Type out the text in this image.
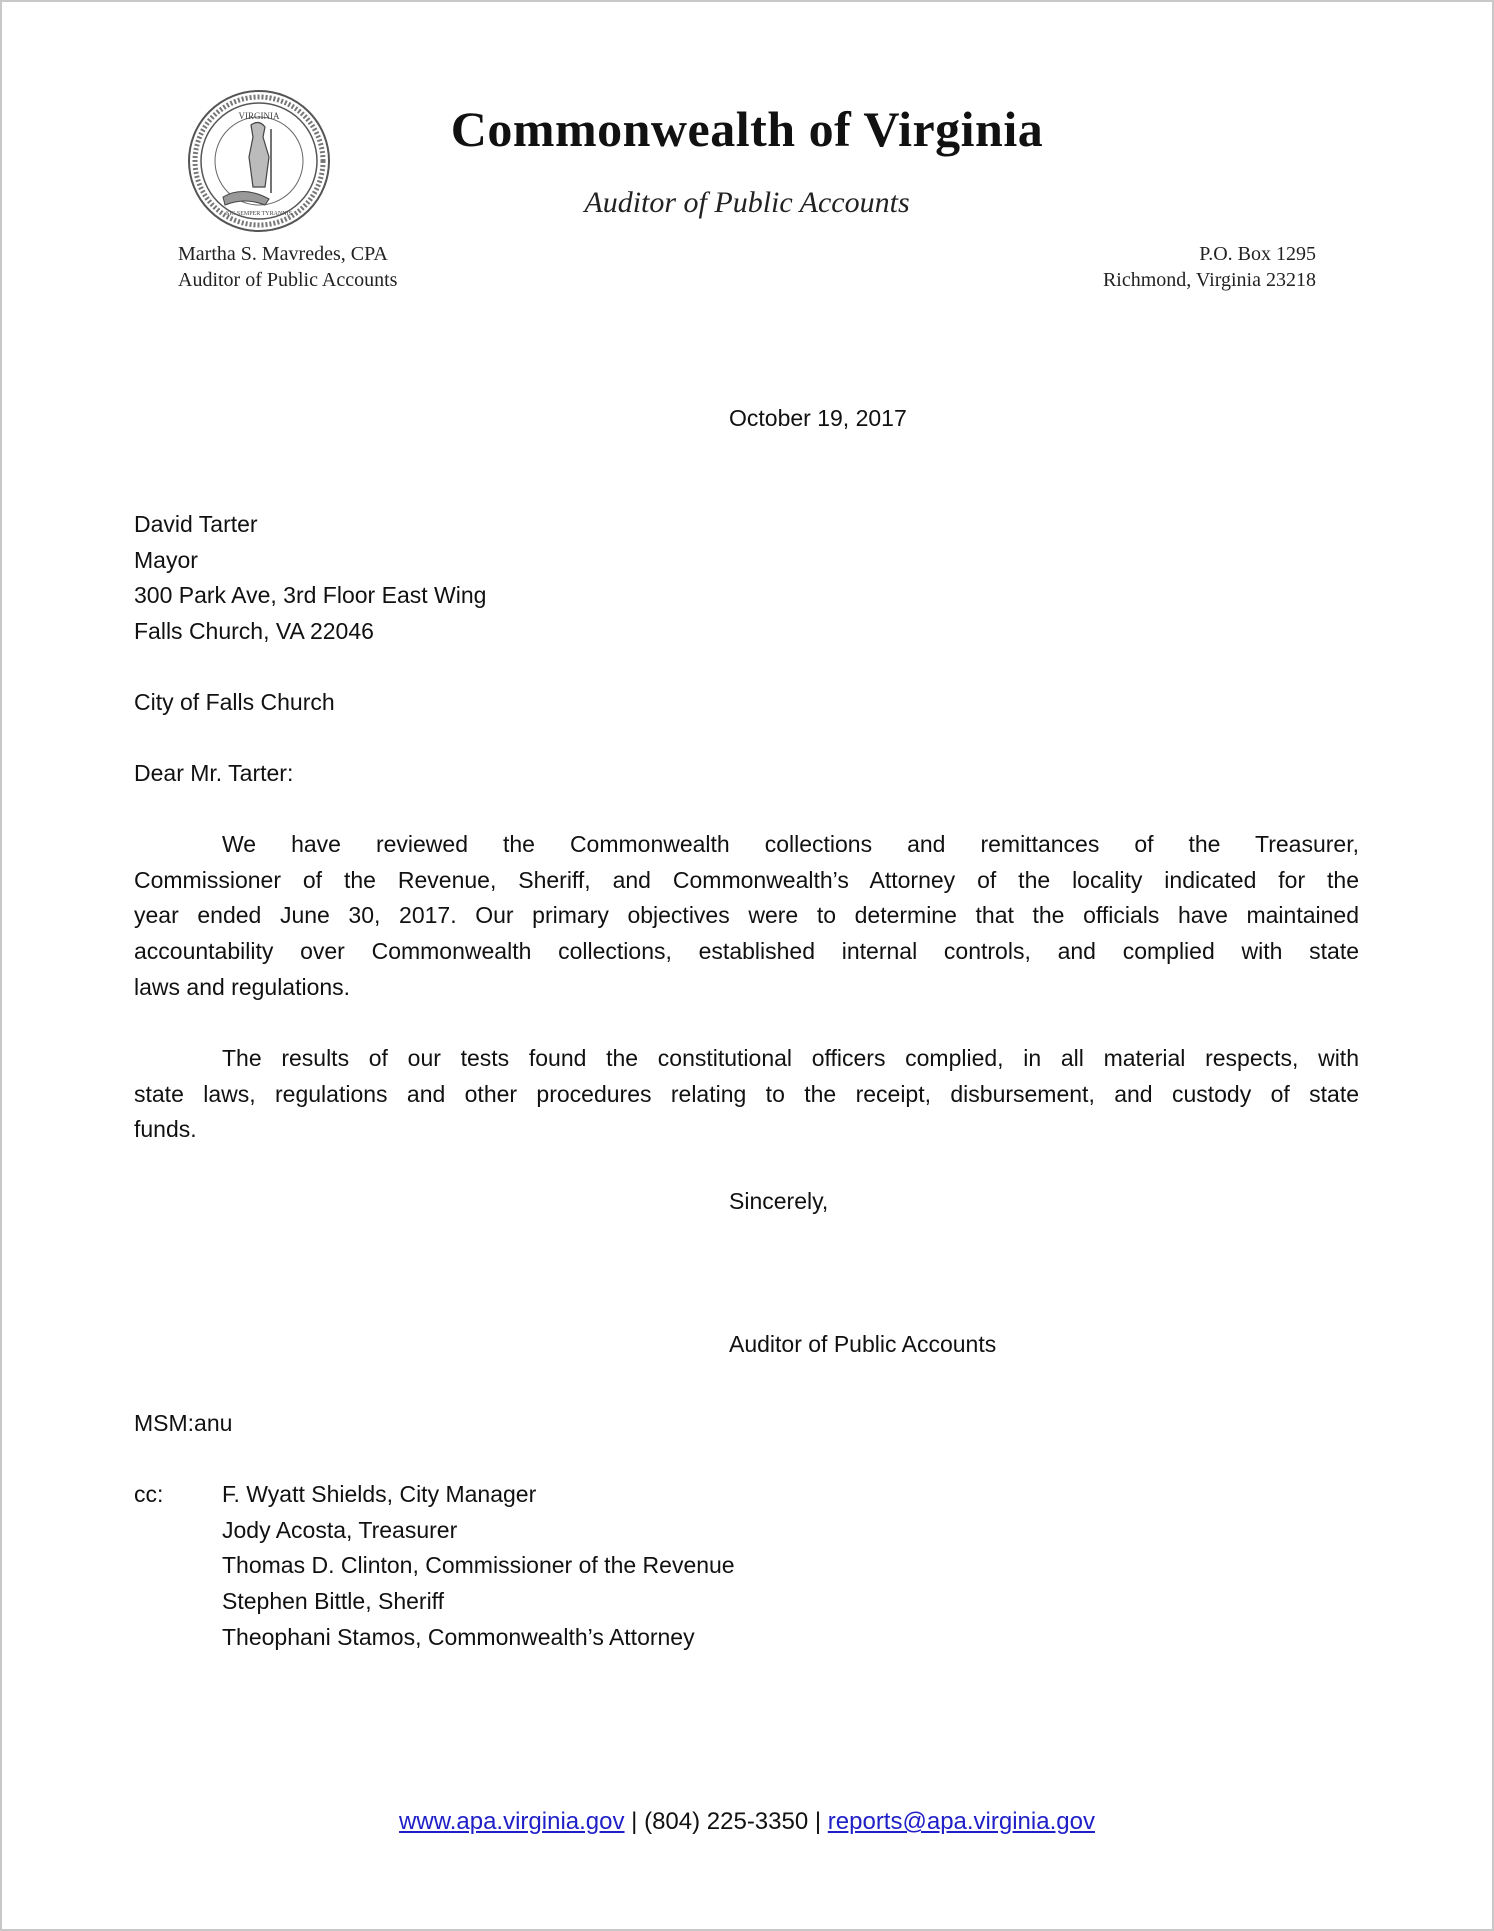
VIRGINIA
SIC SEMPER TYRANNIS
Commonwealth of Virginia
Auditor of Public Accounts
Martha S. Mavredes, CPA
Auditor of Public Accounts
P.O. Box 1295
Richmond, Virginia 23218
October 19, 2017
David Tarter
Mayor
300 Park Ave, 3rd Floor East Wing
Falls Church, VA 22046
City of Falls Church
Dear Mr. Tarter:
We have reviewed the Commonwealth collections and remittances of the Treasurer,
Commissioner of the Revenue, Sheriff, and Commonwealth’s Attorney of the locality indicated for the
year ended June 30, 2017. Our primary objectives were to determine that the officials have maintained
accountability over Commonwealth collections, established internal controls, and complied with state
laws and regulations.
The results of our tests found the constitutional officers complied, in all material respects, with
state laws, regulations and other procedures relating to the receipt, disbursement, and custody of state
funds.
Sincerely,
Auditor of Public Accounts
MSM:anu
cc:	F. Wyatt Shields, City Manager
Jody Acosta, Treasurer
Thomas D. Clinton, Commissioner of the Revenue
Stephen Bittle, Sheriff
Theophani Stamos, Commonwealth’s Attorney
www.apa.virginia.gov | (804) 225-3350 | reports@apa.virginia.gov
